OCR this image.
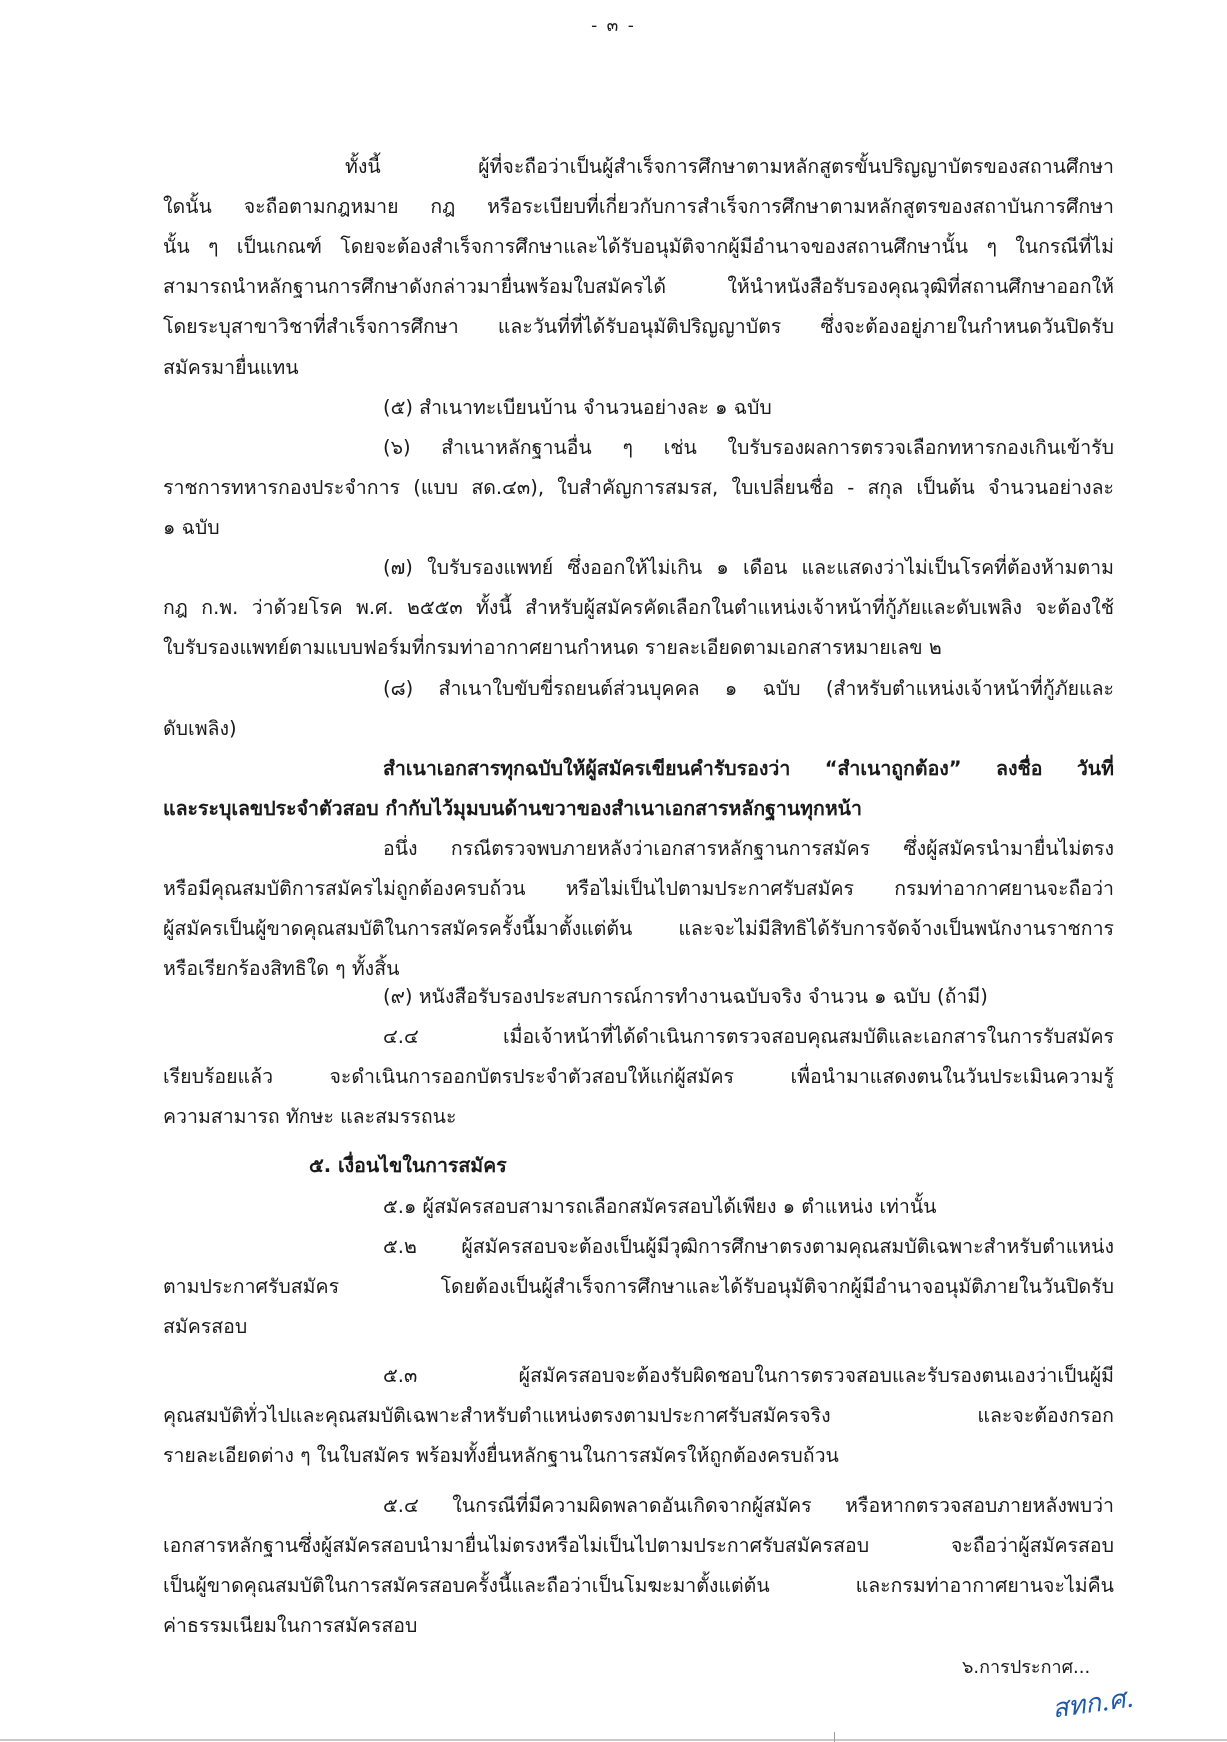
- ๓ -
ทั้งนี้ ผู้ที่จะถือว่าเป็นผู้สำเร็จการศึกษาตามหลักสูตรขั้นปริญญาบัตรของสถานศึกษา
ใดนั้น จะถือตามกฎหมาย กฎ หรือระเบียบที่เกี่ยวกับการสำเร็จการศึกษาตามหลักสูตรของสถาบันการศึกษา
นั้น ๆ เป็นเกณฑ์ โดยจะต้องสำเร็จการศึกษาและได้รับอนุมัติจากผู้มีอำนาจของสถานศึกษานั้น ๆ ในกรณีที่ไม่
สามารถนำหลักฐานการศึกษาดังกล่าวมายื่นพร้อมใบสมัครได้ ให้นำหนังสือรับรองคุณวุฒิที่สถานศึกษาออกให้
โดยระบุสาขาวิชาที่สำเร็จการศึกษา และวันที่ที่ได้รับอนุมัติปริญญาบัตร ซึ่งจะต้องอยู่ภายในกำหนดวันปิดรับ
สมัครมายื่นแทน
(๕) สำเนาทะเบียนบ้าน จำนวนอย่างละ ๑ ฉบับ
(๖) สำเนาหลักฐานอื่น ๆ เช่น ใบรับรองผลการตรวจเลือกทหารกองเกินเข้ารับ
ราชการทหารกองประจำการ (แบบ สด.๔๓), ใบสำคัญการสมรส, ใบเปลี่ยนชื่อ - สกุล เป็นต้น จำนวนอย่างละ
๑ ฉบับ
(๗) ใบรับรองแพทย์ ซึ่งออกให้ไม่เกิน ๑ เดือน และแสดงว่าไม่เป็นโรคที่ต้องห้ามตาม
กฎ ก.พ. ว่าด้วยโรค พ.ศ. ๒๕๕๓ ทั้งนี้ สำหรับผู้สมัครคัดเลือกในตำแหน่งเจ้าหน้าที่กู้ภัยและดับเพลิง จะต้องใช้
ใบรับรองแพทย์ตามแบบฟอร์มที่กรมท่าอากาศยานกำหนด รายละเอียดตามเอกสารหมายเลข ๒
(๘) สำเนาใบขับขี่รถยนต์ส่วนบุคคล ๑ ฉบับ (สำหรับตำแหน่งเจ้าหน้าที่กู้ภัยและ
ดับเพลิง)
สำเนาเอกสารทุกฉบับให้ผู้สมัครเขียนคำรับรองว่า “สำเนาถูกต้อง” ลงชื่อ วันที่
และระบุเลขประจำตัวสอบ กำกับไว้มุมบนด้านขวาของสำเนาเอกสารหลักฐานทุกหน้า
อนึ่ง กรณีตรวจพบภายหลังว่าเอกสารหลักฐานการสมัคร ซึ่งผู้สมัครนำมายื่นไม่ตรง
หรือมีคุณสมบัติการสมัครไม่ถูกต้องครบถ้วน หรือไม่เป็นไปตามประกาศรับสมัคร กรมท่าอากาศยานจะถือว่า
ผู้สมัครเป็นผู้ขาดคุณสมบัติในการสมัครครั้งนี้มาตั้งแต่ต้น และจะไม่มีสิทธิได้รับการจัดจ้างเป็นพนักงานราชการ
หรือเรียกร้องสิทธิใด ๆ ทั้งสิ้น
(๙) หนังสือรับรองประสบการณ์การทำงานฉบับจริง จำนวน ๑ ฉบับ (ถ้ามี)
๔.๔ เมื่อเจ้าหน้าที่ได้ดำเนินการตรวจสอบคุณสมบัติและเอกสารในการรับสมัคร
เรียบร้อยแล้ว จะดำเนินการออกบัตรประจำตัวสอบให้แก่ผู้สมัคร เพื่อนำมาแสดงตนในวันประเมินความรู้
ความสามารถ ทักษะ และสมรรถนะ
๕. เงื่อนไขในการสมัคร
๕.๑ ผู้สมัครสอบสามารถเลือกสมัครสอบได้เพียง ๑ ตำแหน่ง เท่านั้น
๕.๒ ผู้สมัครสอบจะต้องเป็นผู้มีวุฒิการศึกษาตรงตามคุณสมบัติเฉพาะสำหรับตำแหน่ง
ตามประกาศรับสมัคร โดยต้องเป็นผู้สำเร็จการศึกษาและได้รับอนุมัติจากผู้มีอำนาจอนุมัติภายในวันปิดรับ
สมัครสอบ
๕.๓ ผู้สมัครสอบจะต้องรับผิดชอบในการตรวจสอบและรับรองตนเองว่าเป็นผู้มี
คุณสมบัติทั่วไปและคุณสมบัติเฉพาะสำหรับตำแหน่งตรงตามประกาศรับสมัครจริง และจะต้องกรอก
รายละเอียดต่าง ๆ ในใบสมัคร พร้อมทั้งยื่นหลักฐานในการสมัครให้ถูกต้องครบถ้วน
๕.๔ ในกรณีที่มีความผิดพลาดอันเกิดจากผู้สมัคร หรือหากตรวจสอบภายหลังพบว่า
เอกสารหลักฐานซึ่งผู้สมัครสอบนำมายื่นไม่ตรงหรือไม่เป็นไปตามประกาศรับสมัครสอบ จะถือว่าผู้สมัครสอบ
เป็นผู้ขาดคุณสมบัติในการสมัครสอบครั้งนี้และถือว่าเป็นโมฆะมาตั้งแต่ต้น และกรมท่าอากาศยานจะไม่คืน
ค่าธรรมเนียมในการสมัครสอบ
๖.การประกาศ...
สทก.ศ.
